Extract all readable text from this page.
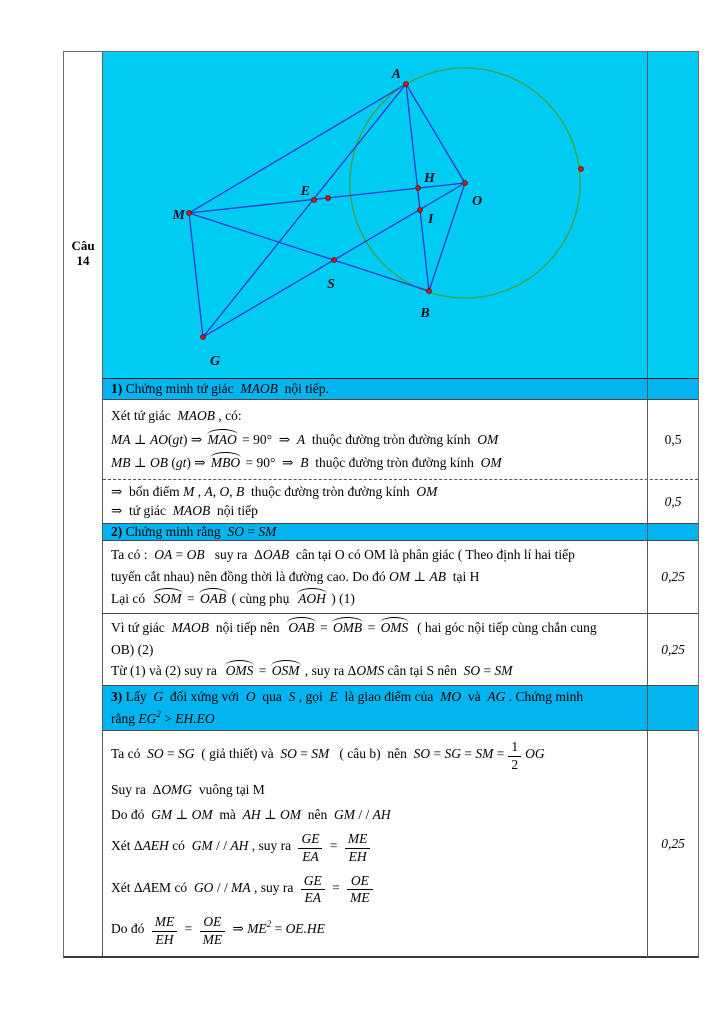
Câu
14
A
M
G
B
O
H
I
E
S
1) Chứng minh tứ giác  MAOB  nội tiếp.
Xét tứ giác  MAOB , có:
MA ⊥ AO(gt) ⇒ MAO = 90°  ⇒  A  thuộc đường tròn đường kính  OM
MB ⊥ OB (gt) ⇒ MBO = 90°  ⇒  B  thuộc đường tròn đường kính  OM
0,5
⇒  bốn điểm M , A, O, B  thuộc đường tròn đường kính  OM
⇒  tứ giác  MAOB  nội tiếp
0,5
2) Chứng minh rằng  SO = SM
Ta có :  OA = OB   suy ra  ΔOAB  cân tại O có OM là phân giác ( Theo định lí hai tiếp
tuyến cắt nhau) nên đồng thời là đường cao. Do đó OM ⊥ AB  tại H
Lại có  SOM = OAB ( cùng phụ  AOH ) (1)
0,25
Vì tứ giác  MAOB  nội tiếp nên  OAB = OMB = OMS  ( hai góc nội tiếp cùng chắn cung
OB) (2)
Từ (1) và (2) suy ra  OMS = OSM , suy ra ΔOMS cân tại S nên  SO = SM
0,25
3) Lấy  G  đối xứng với  O  qua  S , gọi  E  là giao điểm của  MO  và  AG . Chứng minh
rằng $EG^2 > EH.EO$
Ta có  SO = SG  ( giả thiết) và  SO = SM   ( câu b)  nên  SO = SG = SM = $\frac{1}{2}$ OG
Suy ra  ΔOMG  vuông tại M
Do đó  GM ⊥ OM  mà  AH ⊥ OM  nên  GM / / AH
Xét ΔAEH có  GM / / AH , suy ra $\frac{GE}{EA} = \frac{ME}{EH}$
Xét ΔAEM có  GO / / MA , suy ra $\frac{GE}{EA} = \frac{OE}{ME}$
Do đó $\frac{ME}{EH} = \frac{OE}{ME}$ ⇒ $ME^2 = OE.HE$
0,25
